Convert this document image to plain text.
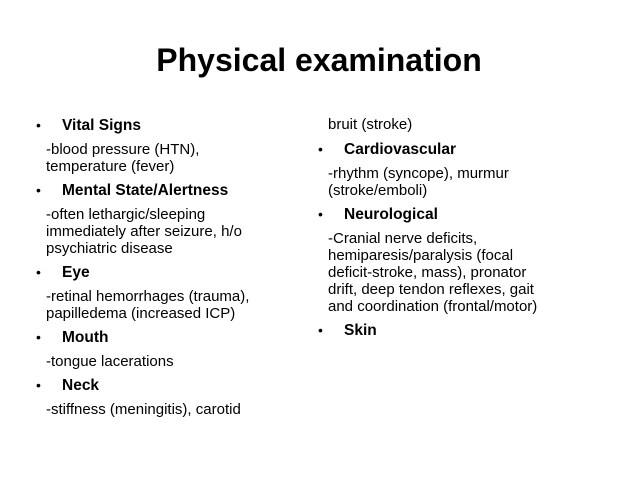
Physical examination
•	Vital Signs
-blood pressure (HTN),
temperature (fever)
•	Mental State/Alertness
-often lethargic/sleeping
immediately after seizure, h/o
psychiatric disease
•	Eye
-retinal hemorrhages (trauma),
papilledema (increased ICP)
•	Mouth
-tongue lacerations
•	Neck
-stiffness (meningitis), carotid
bruit (stroke)
•	Cardiovascular
-rhythm (syncope), murmur
(stroke/emboli)
•	Neurological
-Cranial nerve deficits,
hemiparesis/paralysis (focal
deficit-stroke, mass), pronator
drift, deep tendon reflexes, gait
and coordination (frontal/motor)
•	Skin
